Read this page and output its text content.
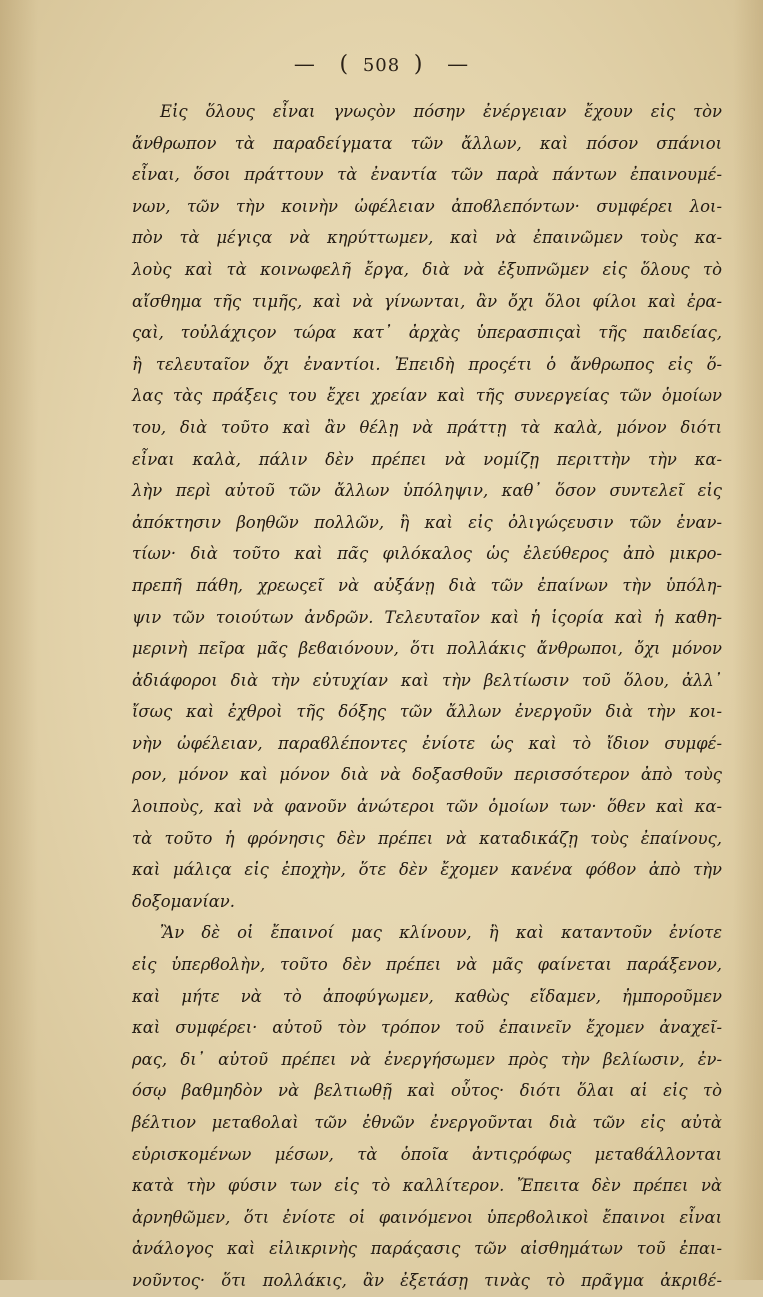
— ( 508 ) —
Εἰς ὅλους εἶναι γνωςὸν πόσην ἐνέργειαν ἔχουν εἰς τὸν
ἄνθρωπον τὰ παραδείγματα τῶν ἄλλων, καὶ πόσον σπάνιοι
εἶναι, ὅσοι πράττουν τὰ ἐναντία τῶν παρὰ πάντων ἐπαινουμέ-
νων, τῶν τὴν κοινὴν ὠφέλειαν ἀποϐλεπόντων· συμφέρει λοι-
πὸν τὰ μέγιςα νὰ κηρύττωμεν, καὶ νὰ ἐπαινῶμεν τοὺς κα-
λοὺς καὶ τὰ κοινωφελῆ ἔργα, διὰ νὰ ἐξυπνῶμεν εἰς ὅλους τὸ
αἴσθημα τῆς τιμῆς, καὶ νὰ γίνωνται, ἂν ὄχι ὅλοι φίλοι καὶ ἐρα-
ςαὶ, τοὐλάχιςον τώρα κατ᾽ ἀρχὰς ὑπερασπιςαὶ τῆς παιδείας,
ἢ τελευταῖον ὄχι ἐναντίοι. Ἐπειδὴ προςέτι ὁ ἄνθρωπος εἰς ὅ-
λας τὰς πράξεις του ἔχει χρείαν καὶ τῆς συνεργείας τῶν ὁμοίων
του, διὰ τοῦτο καὶ ἂν θέλῃ νὰ πράττῃ τὰ καλὰ, μόνον διότι
εἶναι καλὰ, πάλιν δὲν πρέπει νὰ νομίζῃ περιττὴν τὴν κα-
λὴν περὶ αὐτοῦ τῶν ἄλλων ὑπόληψιν, καθ᾽ ὅσον συντελεῖ εἰς
ἀπόκτησιν βοηθῶν πολλῶν, ἢ καὶ εἰς ὀλιγώςευσιν τῶν ἐναν-
τίων· διὰ τοῦτο καὶ πᾶς φιλόκαλος ὡς ἐλεύθερος ἀπὸ μικρο-
πρεπῆ πάθη, χρεωςεῖ νὰ αὐξάνῃ διὰ τῶν ἐπαίνων τὴν ὑπόλη-
ψιν τῶν τοιούτων ἀνδρῶν. Τελευταῖον καὶ ἡ ἱςορία καὶ ἡ καθη-
μερινὴ πεῖρα μᾶς βεϐαιόνουν, ὅτι πολλάκις ἄνθρωποι, ὄχι μόνον
ἀδιάφοροι διὰ τὴν εὐτυχίαν καὶ τὴν βελτίωσιν τοῦ ὅλου, ἀλλ᾽
ἴσως καὶ ἐχθροὶ τῆς δόξης τῶν ἄλλων ἐνεργοῦν διὰ τὴν κοι-
νὴν ὠφέλειαν, παραϐλέποντες ἐνίοτε ὡς καὶ τὸ ἴδιον συμφέ-
ρον, μόνον καὶ μόνον διὰ νὰ δοξασθοῦν περισσότερον ἀπὸ τοὺς
λοιποὺς, καὶ νὰ φανοῦν ἀνώτεροι τῶν ὁμοίων των· ὅθεν καὶ κα-
τὰ τοῦτο ἡ φρόνησις δὲν πρέπει νὰ καταδικάζῃ τοὺς ἐπαίνους,
καὶ μάλιςα εἰς ἐποχὴν, ὅτε δὲν ἔχομεν κανένα φόϐον ἀπὸ τὴν
δοξομανίαν.
Ἂν δὲ οἱ ἔπαινοί μας κλίνουν, ἢ καὶ καταντοῦν ἐνίοτε
εἰς ὑπερϐολὴν, τοῦτο δὲν πρέπει νὰ μᾶς φαίνεται παράξενον,
καὶ μήτε νὰ τὸ ἀποφύγωμεν, καθὼς εἴδαμεν, ἠμποροῦμεν
καὶ συμφέρει· αὐτοῦ τὸν τρόπον τοῦ ἐπαινεῖν ἔχομεν ἀναχεῖ-
ρας, δι᾽ αὐτοῦ πρέπει νὰ ἐνεργήσωμεν πρὸς τὴν βελίωσιν, ἐν-
όσῳ βαθμηδὸν νὰ βελτιωθῇ καὶ οὗτος· διότι ὅλαι αἱ εἰς τὸ
βέλτιον μεταϐολαὶ τῶν ἐθνῶν ἐνεργοῦνται διὰ τῶν εἰς αὐτὰ
εὑρισκομένων μέσων, τὰ ὁποῖα ἀντιςρόφως μεταϐάλλονται
κατὰ τὴν φύσιν των εἰς τὸ καλλίτερον. Ἔπειτα δὲν πρέπει νὰ
ἀρνηθῶμεν, ὅτι ἐνίοτε οἱ φαινόμενοι ὑπερϐολικοὶ ἔπαινοι εἶναι
ἀνάλογος καὶ εἰλικρινὴς παράςασις τῶν αἰσθημάτων τοῦ ἐπαι-
νοῦντος· ὅτι πολλάκις, ἂν ἐξετάσῃ τινὰς τὸ πρᾶγμα ἀκριϐέ-
